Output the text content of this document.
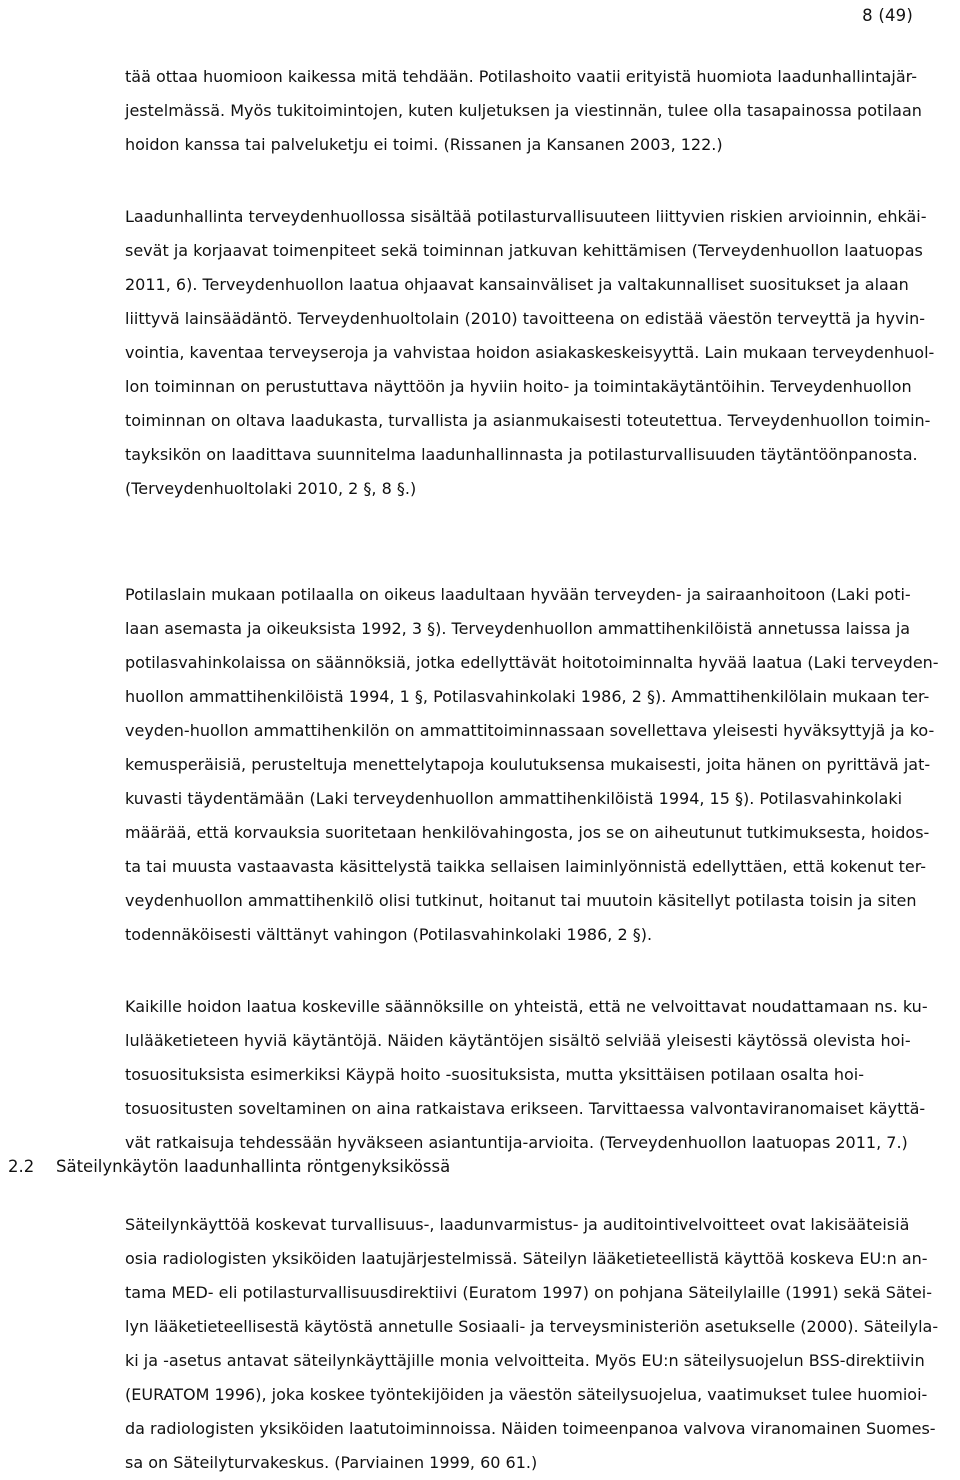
8 (49)
tää ottaa huomioon kaikessa mitä tehdään. Potilashoito vaatii erityistä huomiota laadunhallintajär-
jestelmässä. Myös tukitoimintojen, kuten kuljetuksen ja viestinnän, tulee olla tasapainossa potilaan
hoidon kanssa tai palveluketju ei toimi. (Rissanen ja Kansanen 2003, 122.)
Laadunhallinta terveydenhuollossa sisältää potilasturvallisuuteen liittyvien riskien arvioinnin, ehkäi-
sevät ja korjaavat toimenpiteet sekä toiminnan jatkuvan kehittämisen (Terveydenhuollon laatuopas
2011, 6). Terveydenhuollon laatua ohjaavat kansainväliset ja valtakunnalliset suositukset ja alaan
liittyvä lainsäädäntö. Terveydenhuoltolain (2010) tavoitteena on edistää väestön terveyttä ja hyvin-
vointia, kaventaa terveyseroja ja vahvistaa hoidon asiakaskeskeisyyttä. Lain mukaan terveydenhuol-
lon toiminnan on perustuttava näyttöön ja hyviin hoito- ja toimintakäytäntöihin. Terveydenhuollon
toiminnan on oltava laadukasta, turvallista ja asianmukaisesti toteutettua. Terveydenhuollon toimin-
tayksikön on laadittava suunnitelma laadunhallinnasta ja potilasturvallisuuden täytäntöönpanosta.
(Terveydenhuoltolaki 2010, 2 §, 8 §.)
Potilaslain mukaan potilaalla on oikeus laadultaan hyvään terveyden- ja sairaanhoitoon (Laki poti-
laan asemasta ja oikeuksista 1992, 3 §). Terveydenhuollon ammattihenkilöistä annetussa laissa ja
potilasvahinkolaissa on säännöksiä, jotka edellyttävät hoitotoiminnalta hyvää laatua (Laki terveyden-
huollon ammattihenkilöistä 1994, 1 §, Potilasvahinkolaki 1986, 2 §). Ammattihenkilölain mukaan ter-
veyden-huollon ammattihenkilön on ammattitoiminnassaan sovellettava yleisesti hyväksyttyjä ja ko-
kemusperäisiä, perusteltuja menettelytapoja koulutuksensa mukaisesti, joita hänen on pyrittävä jat-
kuvasti täydentämään (Laki terveydenhuollon ammattihenkilöistä 1994, 15 §). Potilasvahinkolaki
määrää, että korvauksia suoritetaan henkilövahingosta, jos se on aiheutunut tutkimuksesta, hoidos-
ta tai muusta vastaavasta käsittelystä taikka sellaisen laiminlyönnistä edellyttäen, että kokenut ter-
veydenhuollon ammattihenkilö olisi tutkinut, hoitanut tai muutoin käsitellyt potilasta toisin ja siten
todennäköisesti välttänyt vahingon (Potilasvahinkolaki 1986, 2 §).
Kaikille hoidon laatua koskeville säännöksille on yhteistä, että ne velvoittavat noudattamaan ns. ku-
lulääketieteen hyviä käytäntöjä. Näiden käytäntöjen sisältö selviää yleisesti käytössä olevista hoi-
tosuosituksista esimerkiksi Käypä hoito -suosituksista, mutta yksittäisen potilaan osalta hoi-
tosuositusten soveltaminen on aina ratkaistava erikseen. Tarvittaessa valvontaviranomaiset käyttä-
vät ratkaisuja tehdessään hyväkseen asiantuntija-arvioita. (Terveydenhuollon laatuopas 2011, 7.)
2.2 Säteilynkäytön laadunhallinta röntgenyksikössä
Säteilynkäyttöä koskevat turvallisuus-, laadunvarmistus- ja auditointivelvoitteet ovat lakisääteisiä
osia radiologisten yksiköiden laatujärjestelmissä. Säteilyn lääketieteellistä käyttöä koskeva EU:n an-
tama MED- eli potilasturvallisuusdirektiivi (Euratom 1997) on pohjana Säteilylaille (1991) sekä Sätei-
lyn lääketieteellisestä käytöstä annetulle Sosiaali- ja terveysministeriön asetukselle (2000). Säteilyla-
ki ja -asetus antavat säteilynkäyttäjille monia velvoitteita. Myös EU:n säteilysuojelun BSS-direktiivin
(EURATOM 1996), joka koskee työntekijöiden ja väestön säteilysuojelua, vaatimukset tulee huomioi-
da radiologisten yksiköiden laatutoiminnoissa. Näiden toimeenpanoa valvova viranomainen Suomes-
sa on Säteilyturvakeskus. (Parviainen 1999, 60 61.)
